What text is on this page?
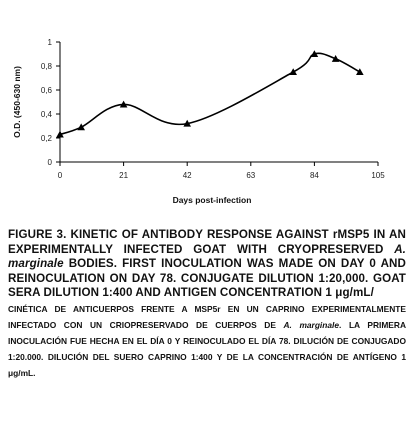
0
0,2
0,4
0,6
0,8
1
0	21	42	63	84	105
O.D. (450-630 nm)
Days post-infection
FIGURE 3. KINETIC OF ANTIBODY RESPONSE AGAINST rMSP5 IN AN EXPERIMENTALLY INFECTED GOAT WITH CRYOPRESERVED A. marginale BODIES. FIRST INOCULATION WAS MADE ON DAY 0 AND REINOCULATION ON DAY 78. CONJUGATE DILUTION 1:20,000. GOAT SERA DILUTION 1:400 AND ANTIGEN CONCENTRATION 1 μg/mL/
CINÉTICA DE ANTICUERPOS FRENTE A MSP5r EN UN CAPRINO EXPERIMENTALMENTE INFECTADO CON UN CRIOPRESERVADO DE CUERPOS DE A. marginale. LA PRIMERA INOCULACIÓN FUE HECHA EN EL DÍA 0 Y REINOCULADO EL DÍA 78. DILUCIÓN DE CONJUGADO 1:20.000. DILUCIÓN DEL SUERO CAPRINO 1:400 Y DE LA CONCENTRACIÓN DE ANTÍGENO 1 μg/mL.
